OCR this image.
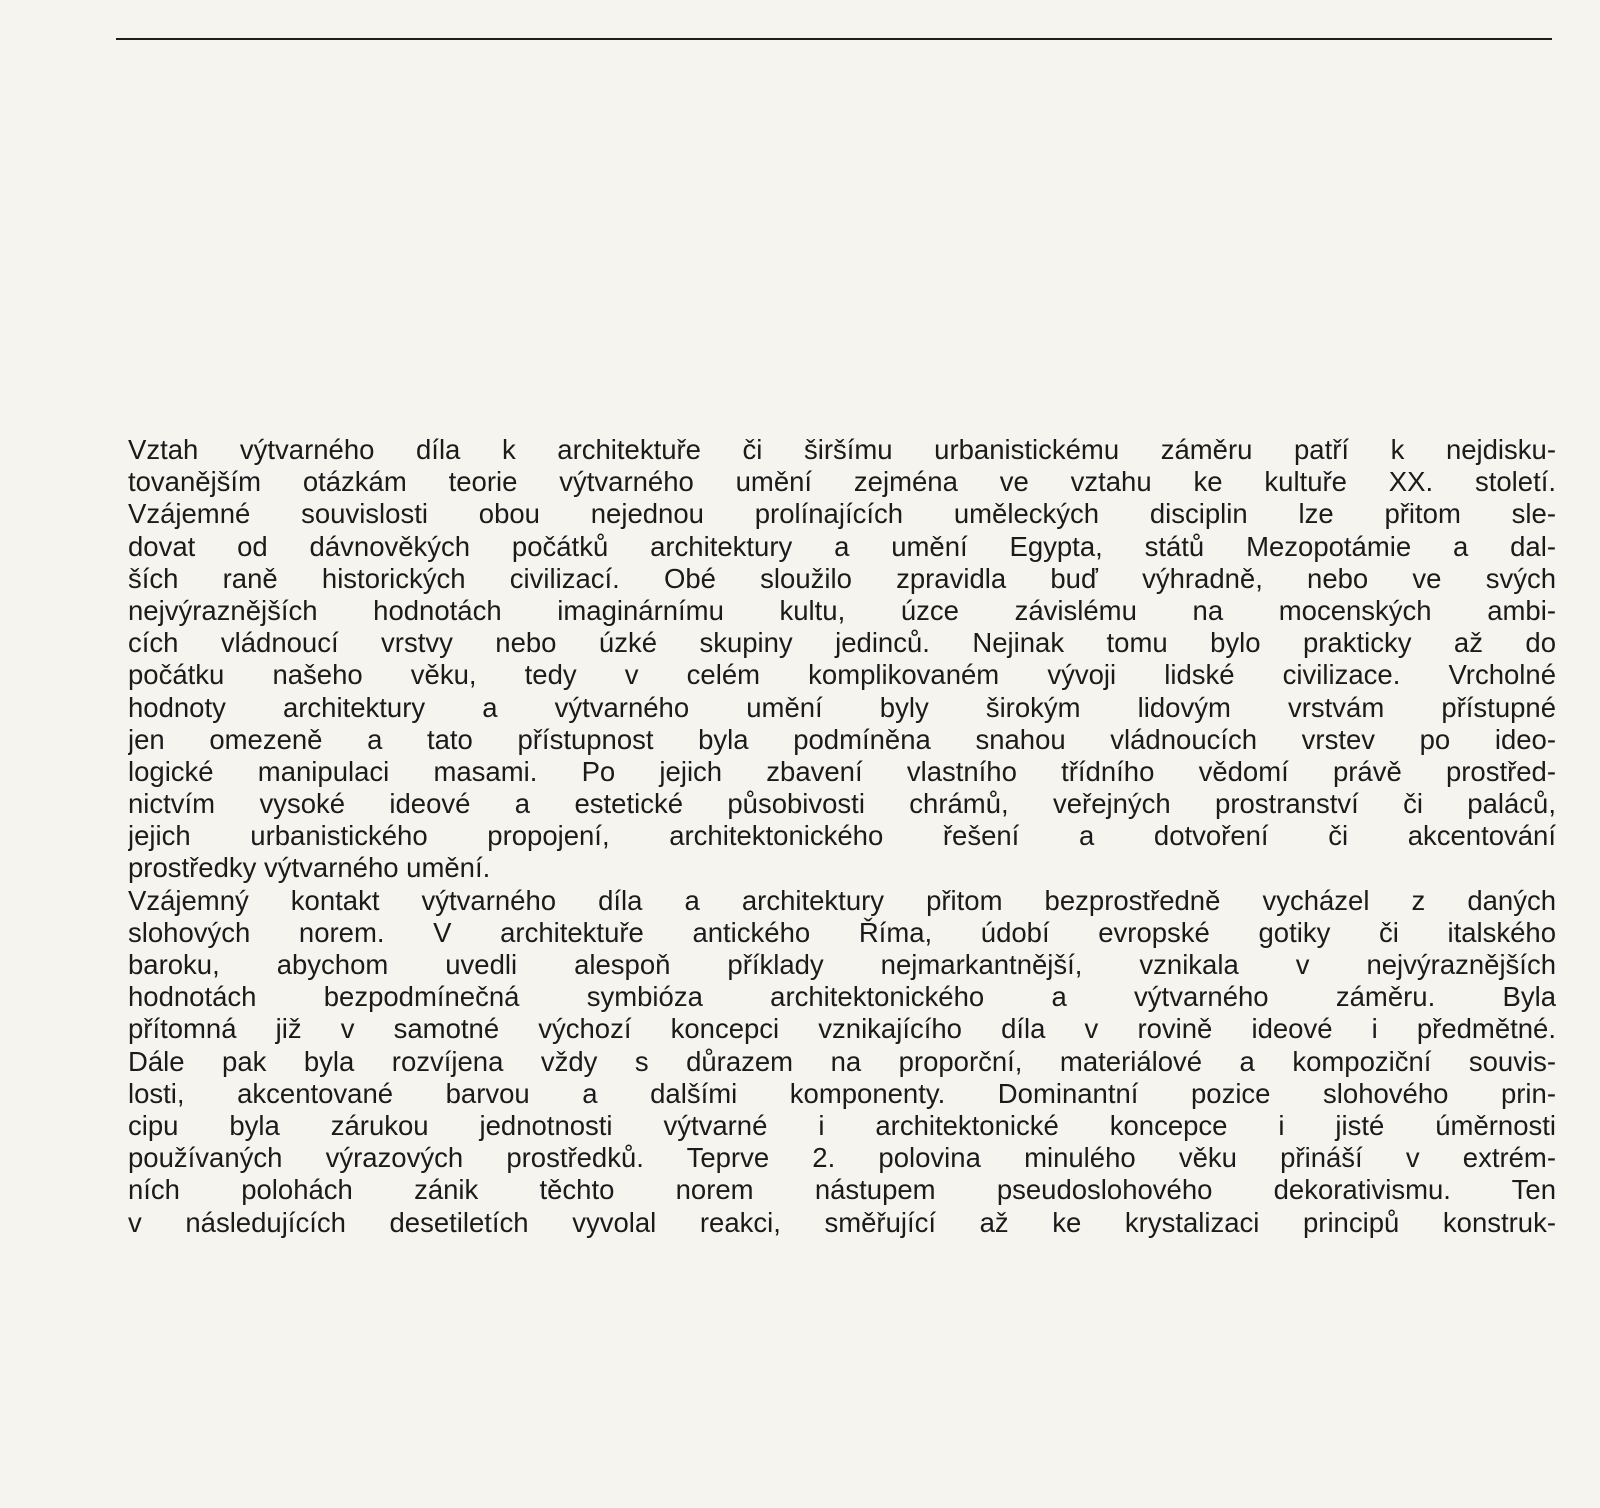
Vztah výtvarného díla k architektuře či širšímu urbanistickému záměru patří k nejdisku-
tovanějším otázkám teorie výtvarného umění zejména ve vztahu ke kultuře XX. století.
Vzájemné souvislosti obou nejednou prolínajících uměleckých disciplin lze přitom sle-
dovat od dávnověkých počátků architektury a umění Egypta, států Mezopotámie a dal-
ších raně historických civilizací. Obé sloužilo zpravidla buď výhradně, nebo ve svých
nejvýraznějších hodnotách imaginárnímu kultu, úzce závislému na mocenských ambi-
cích vládnoucí vrstvy nebo úzké skupiny jedinců. Nejinak tomu bylo prakticky až do
počátku našeho věku, tedy v celém komplikovaném vývoji lidské civilizace. Vrcholné
hodnoty architektury a výtvarného umění byly širokým lidovým vrstvám přístupné
jen omezeně a tato přístupnost byla podmíněna snahou vládnoucích vrstev po ideo-
logické manipulaci masami. Po jejich zbavení vlastního třídního vědomí právě prostřed-
nictvím vysoké ideové a estetické působivosti chrámů, veřejných prostranství či paláců,
jejich urbanistického propojení, architektonického řešení a dotvoření či akcentování
prostředky výtvarného umění.
Vzájemný kontakt výtvarného díla a architektury přitom bezprostředně vycházel z daných
slohových norem. V architektuře antického Říma, údobí evropské gotiky či italského
baroku, abychom uvedli alespoň příklady nejmarkantnější, vznikala v nejvýraznějších
hodnotách bezpodmínečná symbióza architektonického a výtvarného záměru. Byla
přítomná již v samotné výchozí koncepci vznikajícího díla v rovině ideové i předmětné.
Dále pak byla rozvíjena vždy s důrazem na proporční, materiálové a kompoziční souvis-
losti, akcentované barvou a dalšími komponenty. Dominantní pozice slohového prin-
cipu byla zárukou jednotnosti výtvarné i architektonické koncepce i jisté úměrnosti
používaných výrazových prostředků. Teprve 2. polovina minulého věku přináší v extrém-
ních polohách zánik těchto norem nástupem pseudoslohového dekorativismu. Ten
v následujících desetiletích vyvolal reakci, směřující až ke krystalizaci principů konstruk-
